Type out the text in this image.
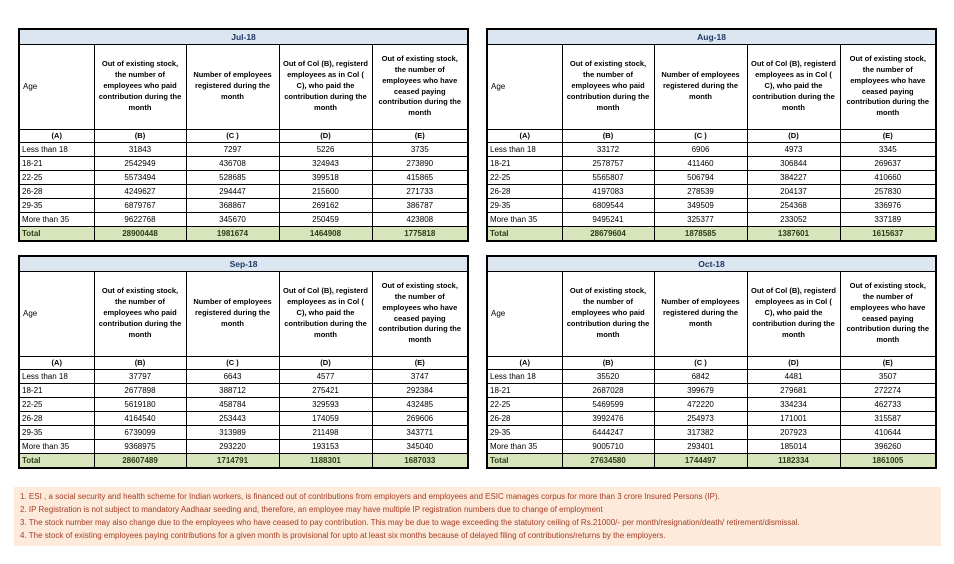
Jul-18				
Age	Out of existing stock, the number of employees who paid contribution during the month	Number of employees registered during the month	Out of Col (B), registerd employees as in Col ( C), who paid the contribution during the month	Out of existing stock, the number of employees who have ceased paying contribution during the month
(A)	(B)	(C )	(D)	(E)
Less than 18	31843	7297	5226	3735
18-21	2542949	436708	324943	273890
22-25	5573494	528685	399518	415865
26-28	4249627	294447	215600	271733
29-35	6879767	368867	269162	386787
More than 35	9622768	345670	250459	423808
Total	28900448	1981674	1464908	1775818
Aug-18				
Age	Out of existing stock, the number of employees who paid contribution during the month	Number of employees registered during the month	Out of Col (B), registerd employees as in Col ( C), who paid the contribution during the month	Out of existing stock, the number of employees who have ceased paying contribution during the month
(A)	(B)	(C )	(D)	(E)
Less than 18	33172	6906	4973	3345
18-21	2578757	411460	306844	269637
22-25	5565807	506794	384227	410660
26-28	4197083	278539	204137	257830
29-35	6809544	349509	254368	336976
More than 35	9495241	325377	233052	337189
Total	28679604	1878585	1387601	1615637
Sep-18				
Age	Out of existing stock, the number of employees who paid contribution during the month	Number of employees registered during the month	Out of Col (B), registerd employees as in Col ( C), who paid the contribution during the month	Out of existing stock, the number of employees who have ceased paying contribution during the month
(A)	(B)	(C )	(D)	(E)
Less than 18	37797	6643	4577	3747
18-21	2677898	388712	275421	292384
22-25	5619180	458784	329593	432485
26-28	4164540	253443	174059	269606
29-35	6739099	313989	211498	343771
More than 35	9368975	293220	193153	345040
Total	28607489	1714791	1188301	1687033
Oct-18				
Age	Out of existing stock, the number of employees who paid contribution during the month	Number of employees registered during the month	Out of Col (B), registerd employees as in Col ( C), who paid the contribution during the month	Out of existing stock, the number of employees who have ceased paying contribution during the month
(A)	(B)	(C )	(D)	(E)
Less than 18	35520	6842	4481	3507
18-21	2687028	399679	279681	272274
22-25	5469599	472220	334234	462733
26-28	3992476	254973	171001	315587
29-35	6444247	317382	207923	410644
More than 35	9005710	293401	185014	396260
Total	27634580	1744497	1182334	1861005
1. ESI , a social security and health scheme for Indian workers, is financed out of contributions from employers and employees and ESIC manages corpus for more than 3 crore Insured Persons (IP).
2. IP Registration is not subject to mandatory Aadhaar seeding and, therefore, an employee may have multiple IP registration numbers due to change of employment
3. The stock number may also change due to the employees who have ceased to pay contribution. This may be due to wage exceeding the statutory ceiling of Rs.21000/- per month/resignation/death/ retirement/dismissal.
4. The stock of existing employees paying contributions for a given month is provisional for upto at least six months because of delayed filing of contributions/returns by the employers.
